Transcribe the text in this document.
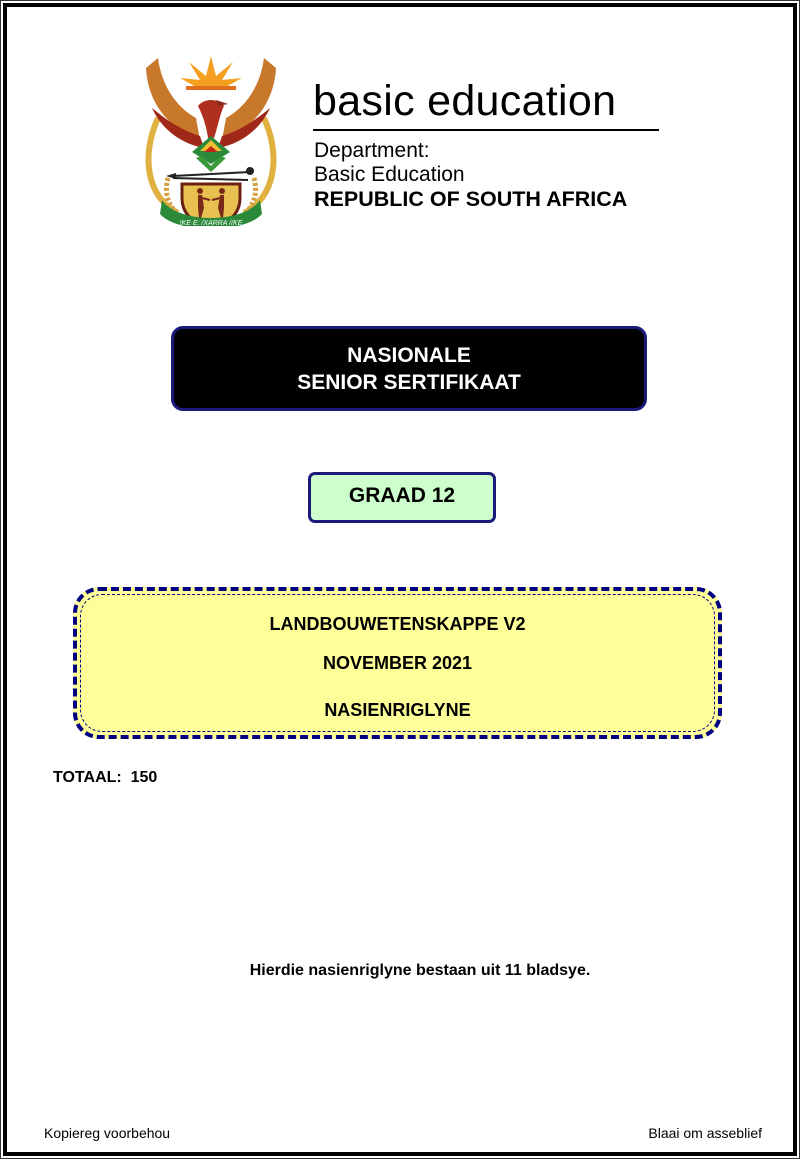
!KE E: /XARRA //KE
basic education
Department:
Basic Education
REPUBLIC OF SOUTH AFRICA
NASIONALE
SENIOR SERTIFIKAAT
GRAAD 12
LANDBOUWETENSKAPPE V2
NOVEMBER 2021
NASIENRIGLYNE
TOTAAL:  150
Hierdie nasienriglyne bestaan uit 11 bladsye.
Kopiereg voorbehou	Blaai om asseblief
